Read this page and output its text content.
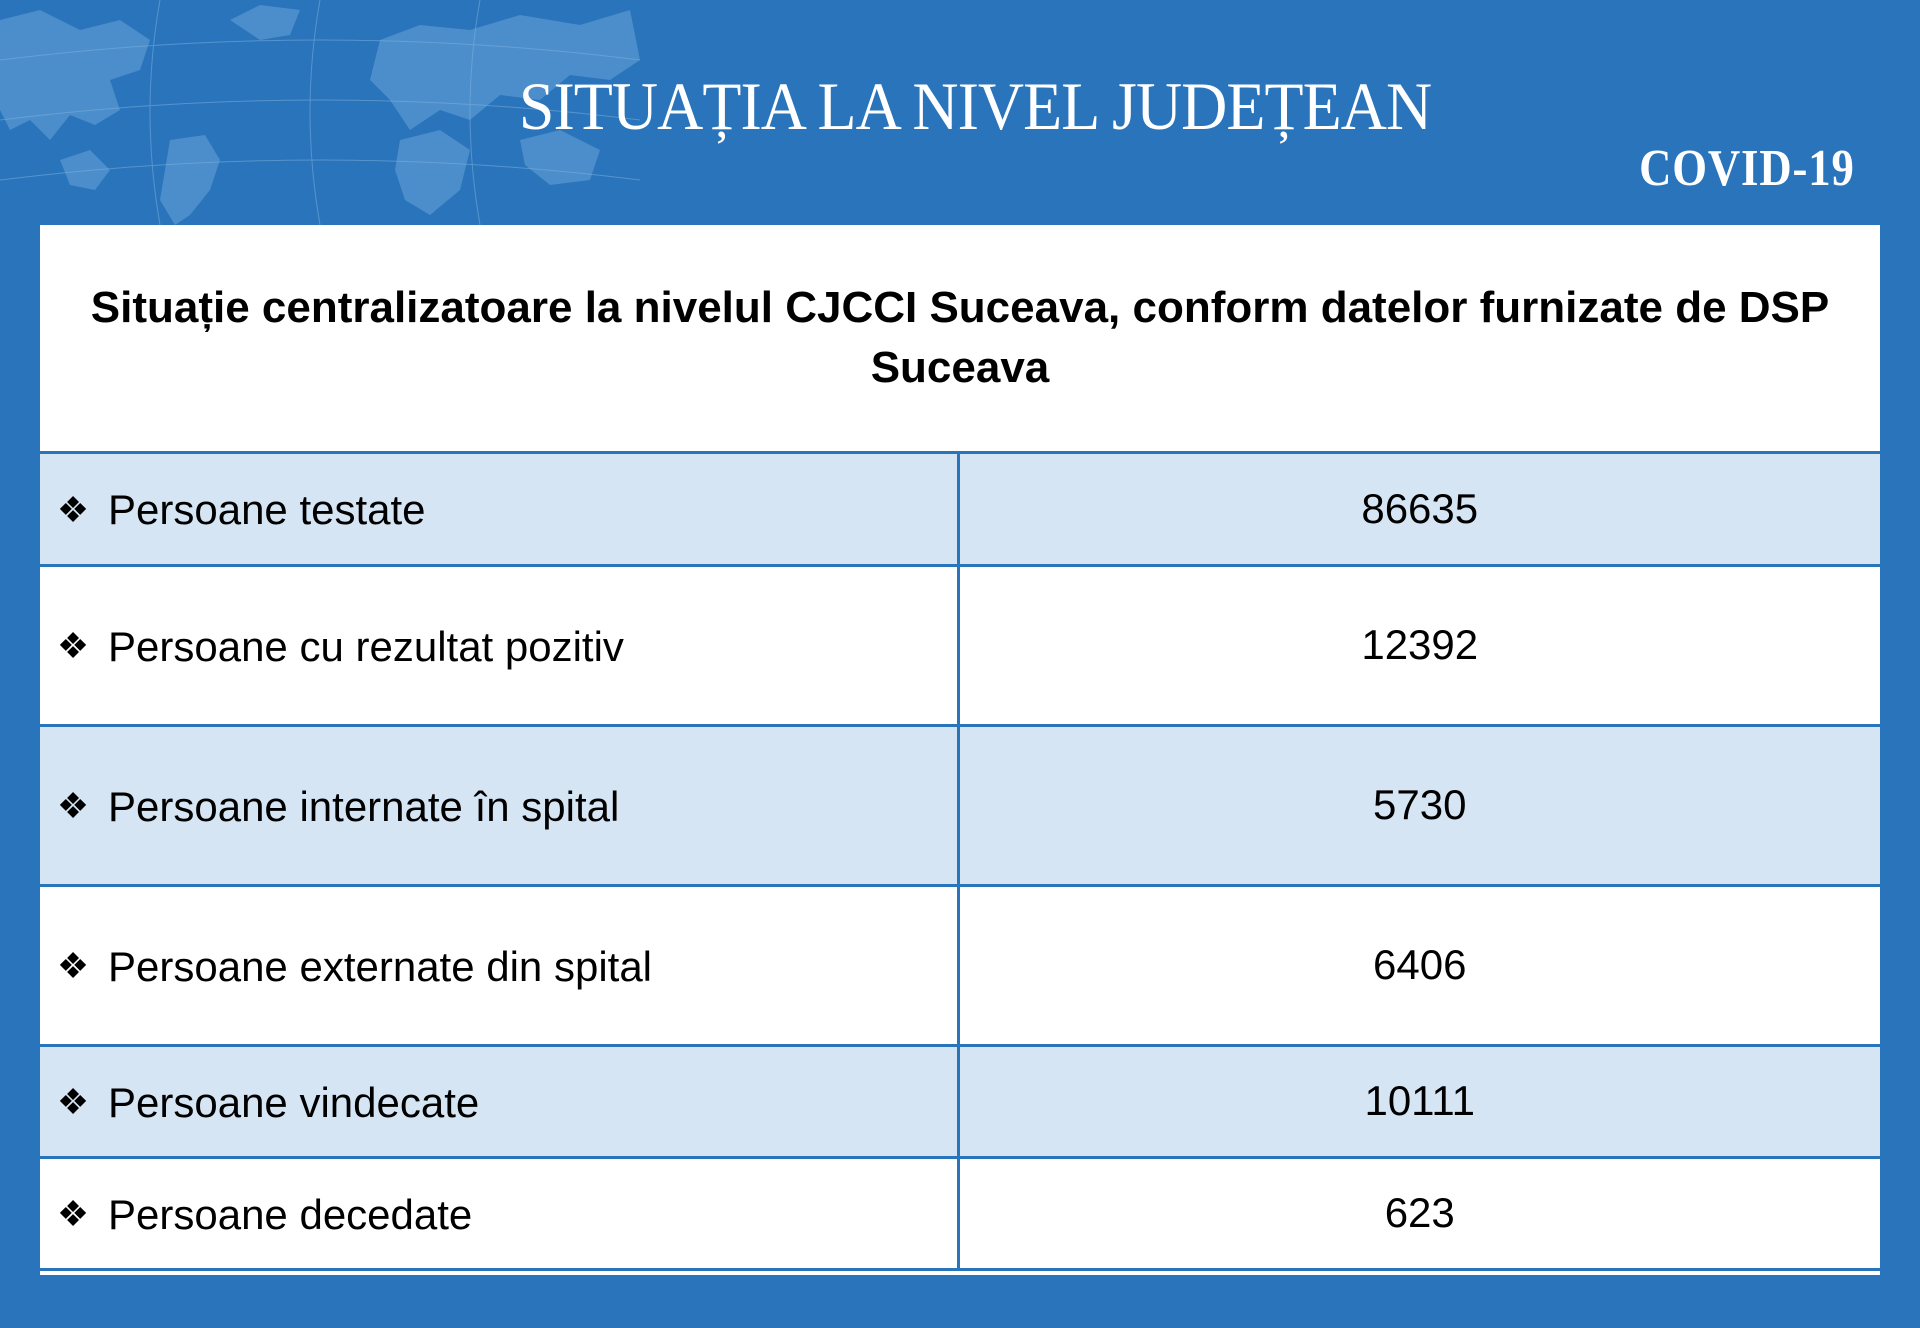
SITUAȚIA LA NIVEL JUDEȚEAN
COVID-19
Situație centralizatoare la nivelul CJCCI Suceava, conform datelor furnizate de DSP Suceava
❖ Persoane testate	86635
❖ Persoane cu rezultat pozitiv	12392
❖ Persoane internate în spital	5730
❖ Persoane externate din spital	6406
❖ Persoane vindecate	10111
❖ Persoane decedate	623
